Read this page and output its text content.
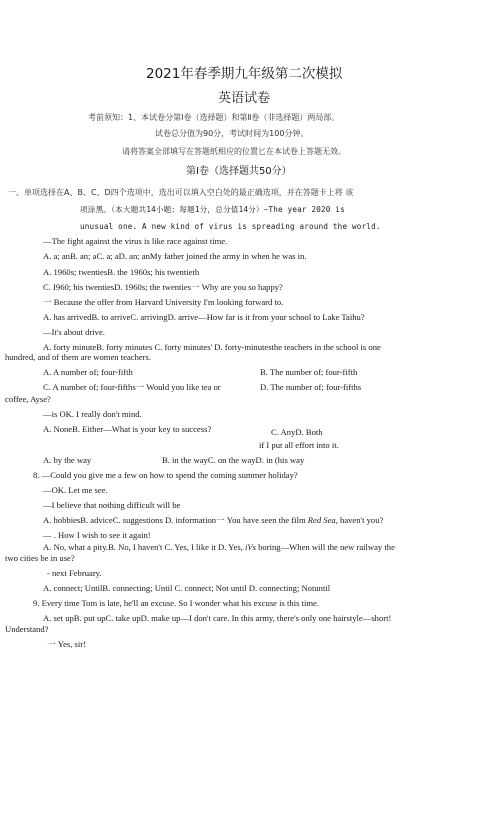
2021年春季期九年级第二次模拟
英语试卷
考前须知：1、本试卷分第Ⅰ卷（选择题）和第Ⅱ卷（非选择题）两局部。
试卷总分值为90分，考试时间为100分钟。
请将答案全部填写在答题纸相应的位置匕在本试卷上答题无效。
第Ⅰ卷（选择题共50分）
一、单项选择在A、B、C、D四个选项中，选出可以填入空白处的最正确选项，并在答题卡上将 该
项涂黑。（本大题共14小题；每题1分，总分值14分）—The year 2020 is
unusual one. A new kind of virus is spreading around the world.
—The fight against the virus is like race against time.
A. a; anB. an; aC. a; aD. an; anMy father joined the army in when he was in.
A. 1960s; twentiesB. the 1960s; his twentieth
C. I960; his twentiesD. 1960s; the twenties一 Why are you so happy?
一 Because the offer from Harvard University I'm looking forward to.
A. has arrivedB. to arriveC. arrivingD. arrive—How far is it from your school to Lake Taihu?
—It's about drive.
A. forty minuteB. forty minutes C. forty minutes' D. forty-minutesthe teachers in the school is one
hundred, and of them are women teachers.
A. A number of; four-fifth	B. The number of; four-fifth
C. A number of; four-fifths一 Would you like tea or	D. The number of; four-fifths
coffee, Ayse?
—is OK. I really don't mind.
A. NoneB. Either—What is your key to success?	C. AnyD. Both
if I put all effort into it.
A. by the way	B. in the wayC. on the wayD. in (his way
8. —Could you give me a few on how to spend the coming summer holiday?
—OK. Let me see.
—I believe that nothing difficult will be
A. hobbiesB. adviceC. suggestions D. information一 You have seen the film Red Sea, haven't you?
— . How I wish to see it again!
A. No, what a pity.B. No, I haven't C. Yes, I like it D. Yes, iVs boring—When will the new railway the
two cities be in use?
- next February.
A. connect; UntilB. connecting; Until C. connect; Not until D. connecting; Notuntil
9. Every time Tom is late, he'll an excuse. So I wonder what his excuse is this time.
A. set upB. put upC. take upD. make up—I don't care. In this army, there's only one hairstyle—short!
Understand?
一 Yes, sir!
